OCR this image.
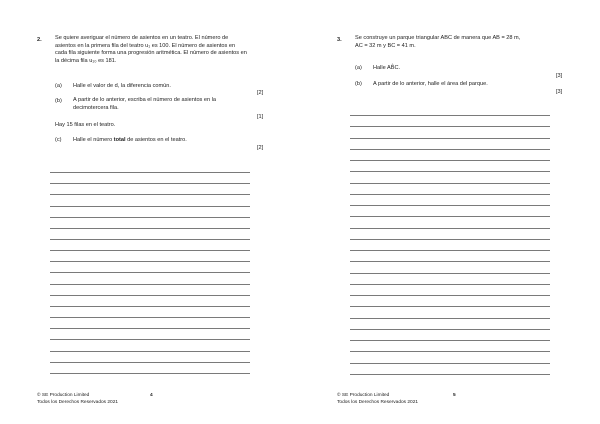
2. Se quiere averiguar el número de asientos en un teatro. El número de
asientos en la primera fila del teatro u₁ es 100. El número de asientos en
cada fila siguiente forma una progresión aritmética. El número de asientos en
la décima fila u₁₀ es 181.
(a) Halle el valor de d, la diferencia común.
[2]
(b) A partir de lo anterior, escriba el número de asientos en la
decimotercera fila.
[1]
Hay 15 filas en el teatro.
(c) Halle el número total de asientos en el teatro.
[2]
© SE Production Limited
Todos los Derechos Reservados 2021
4
3. Se construye un parque triangular ABC de manera que AB = 28 m,
AC = 32 m y BC = 41 m.
(a) Halle AB̂C.
[3]
(b) A partir de lo anterior, halle el área del parque.
[3]
© SE Production Limited
Todos los Derechos Reservados 2021
5
